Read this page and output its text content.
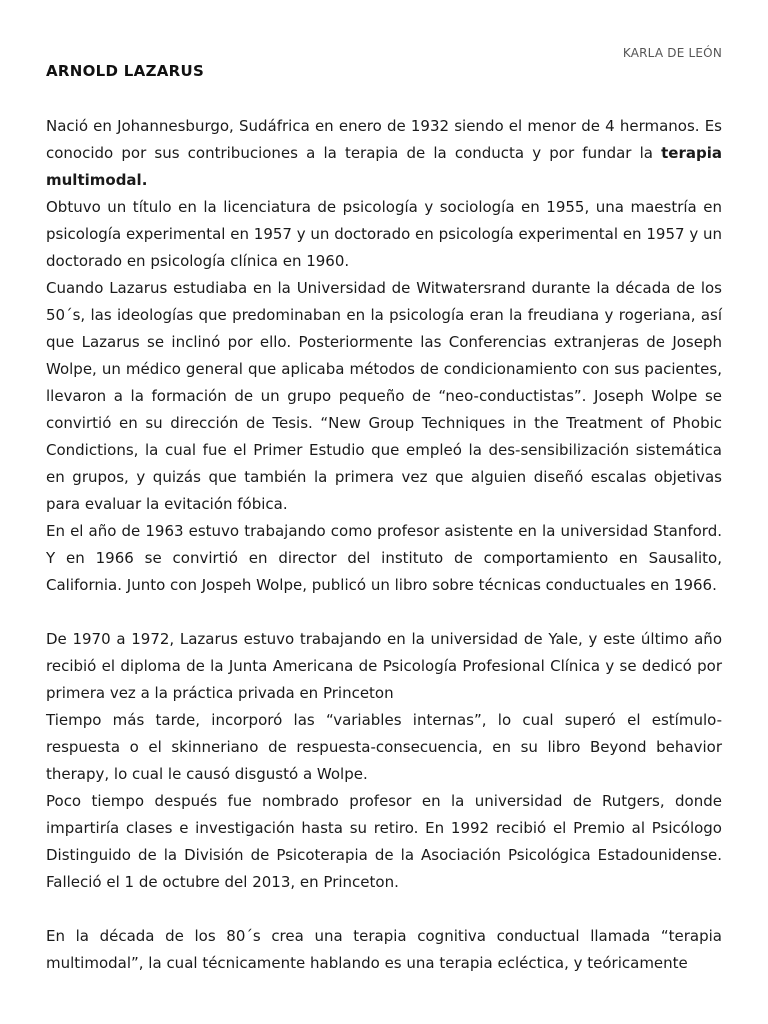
KARLA DE LEÓN
ARNOLD LAZARUS

Nació en Johannesburgo, Sudáfrica en enero de 1932 siendo el menor de 4 hermanos. Es conocido por sus contribuciones a la terapia de la conducta y por fundar la terapia multimodal.

Obtuvo un título en la licenciatura de psicología y sociología en 1955, una maestría en psicología experimental en 1957 y un doctorado en psicología experimental en 1957 y un doctorado en psicología clínica en 1960.

Cuando Lazarus estudiaba en la Universidad de Witwatersrand durante la década de los 50´s, las ideologías que predominaban en la psicología eran la freudiana y rogeriana, así que Lazarus se inclinó por ello. Posteriormente las Conferencias extranjeras de Joseph Wolpe, un médico general que aplicaba métodos de condicionamiento con sus pacientes, llevaron a la formación de un grupo pequeño de “neo-conductistas”. Joseph Wolpe se convirtió en su dirección de Tesis. “New Group Techniques in the Treatment of Phobic Condictions, la cual fue el Primer Estudio que empleó la des-sensibilización sistemática en grupos, y quizás que también la primera vez que alguien diseñó escalas objetivas para evaluar la evitación fóbica.

En el año de 1963 estuvo trabajando como profesor asistente en la universidad Stanford. Y en 1966 se convirtió en director del instituto de comportamiento en Sausalito, California. Junto con Jospeh Wolpe, publicó un libro sobre técnicas conductuales en 1966.

De 1970 a 1972, Lazarus estuvo trabajando en la universidad de Yale, y este último año recibió el diploma de la Junta Americana de Psicología Profesional Clínica y se dedicó por primera vez a la práctica privada en Princeton

Tiempo más tarde, incorporó las “variables internas”, lo cual superó el estímulo-respuesta o el skinneriano de respuesta-consecuencia, en su libro Beyond behavior therapy, lo cual le causó disgustó a Wolpe.

Poco tiempo después fue nombrado profesor en la universidad de Rutgers, donde impartiría clases e investigación hasta su retiro. En 1992 recibió el Premio al Psicólogo Distinguido de la División de Psicoterapia de la Asociación Psicológica Estadounidense. Falleció el 1 de octubre del 2013, en Princeton.

En la década de los 80´s crea una terapia cognitiva conductual llamada “terapia multimodal”, la cual técnicamente hablando es una terapia ecléctica, y teóricamente
